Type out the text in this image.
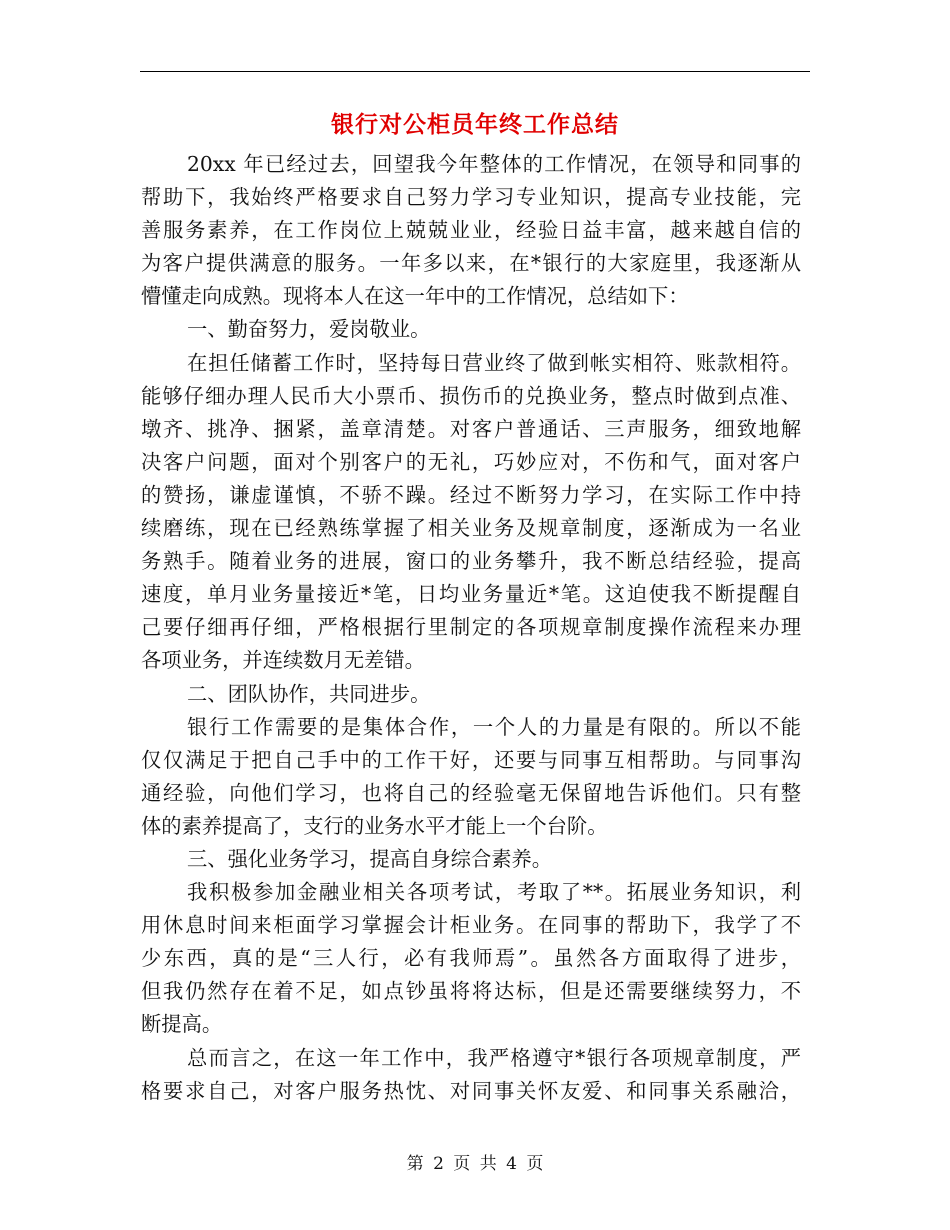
银行对公柜员年终工作总结
20xx 年已经过去，回望我今年整体的工作情况，在领导和同事的
帮助下，我始终严格要求自己努力学习专业知识，提高专业技能，完
善服务素养，在工作岗位上兢兢业业，经验日益丰富，越来越自信的
为客户提供满意的服务。一年多以来，在*银行的大家庭里，我逐渐从
懵懂走向成熟。现将本人在这一年中的工作情况，总结如下：
一、勤奋努力，爱岗敬业。
在担任储蓄工作时，坚持每日营业终了做到帐实相符、账款相符。
能够仔细办理人民币大小票币、损伤币的兑换业务，整点时做到点准、
墩齐、挑净、捆紧，盖章清楚。对客户普通话、三声服务，细致地解
决客户问题，面对个别客户的无礼，巧妙应对，不伤和气，面对客户
的赞扬，谦虚谨慎，不骄不躁。经过不断努力学习，在实际工作中持
续磨练，现在已经熟练掌握了相关业务及规章制度，逐渐成为一名业
务熟手。随着业务的进展，窗口的业务攀升，我不断总结经验，提高
速度，单月业务量接近*笔，日均业务量近*笔。这迫使我不断提醒自
己要仔细再仔细，严格根据行里制定的各项规章制度操作流程来办理
各项业务，并连续数月无差错。
二、团队协作，共同进步。
银行工作需要的是集体合作，一个人的力量是有限的。所以不能
仅仅满足于把自己手中的工作干好，还要与同事互相帮助。与同事沟
通经验，向他们学习，也将自己的经验毫无保留地告诉他们。只有整
体的素养提高了，支行的业务水平才能上一个台阶。
三、强化业务学习，提高自身综合素养。
我积极参加金融业相关各项考试，考取了**。拓展业务知识，利
用休息时间来柜面学习掌握会计柜业务。在同事的帮助下，我学了不
少东西，真的是“三人行，必有我师焉”。虽然各方面取得了进步，
但我仍然存在着不足，如点钞虽将将达标，但是还需要继续努力，不
断提高。
总而言之，在这一年工作中，我严格遵守*银行各项规章制度，严
格要求自己，对客户服务热忱、对同事关怀友爱、和同事关系融洽，
第 2 页 共 4 页
